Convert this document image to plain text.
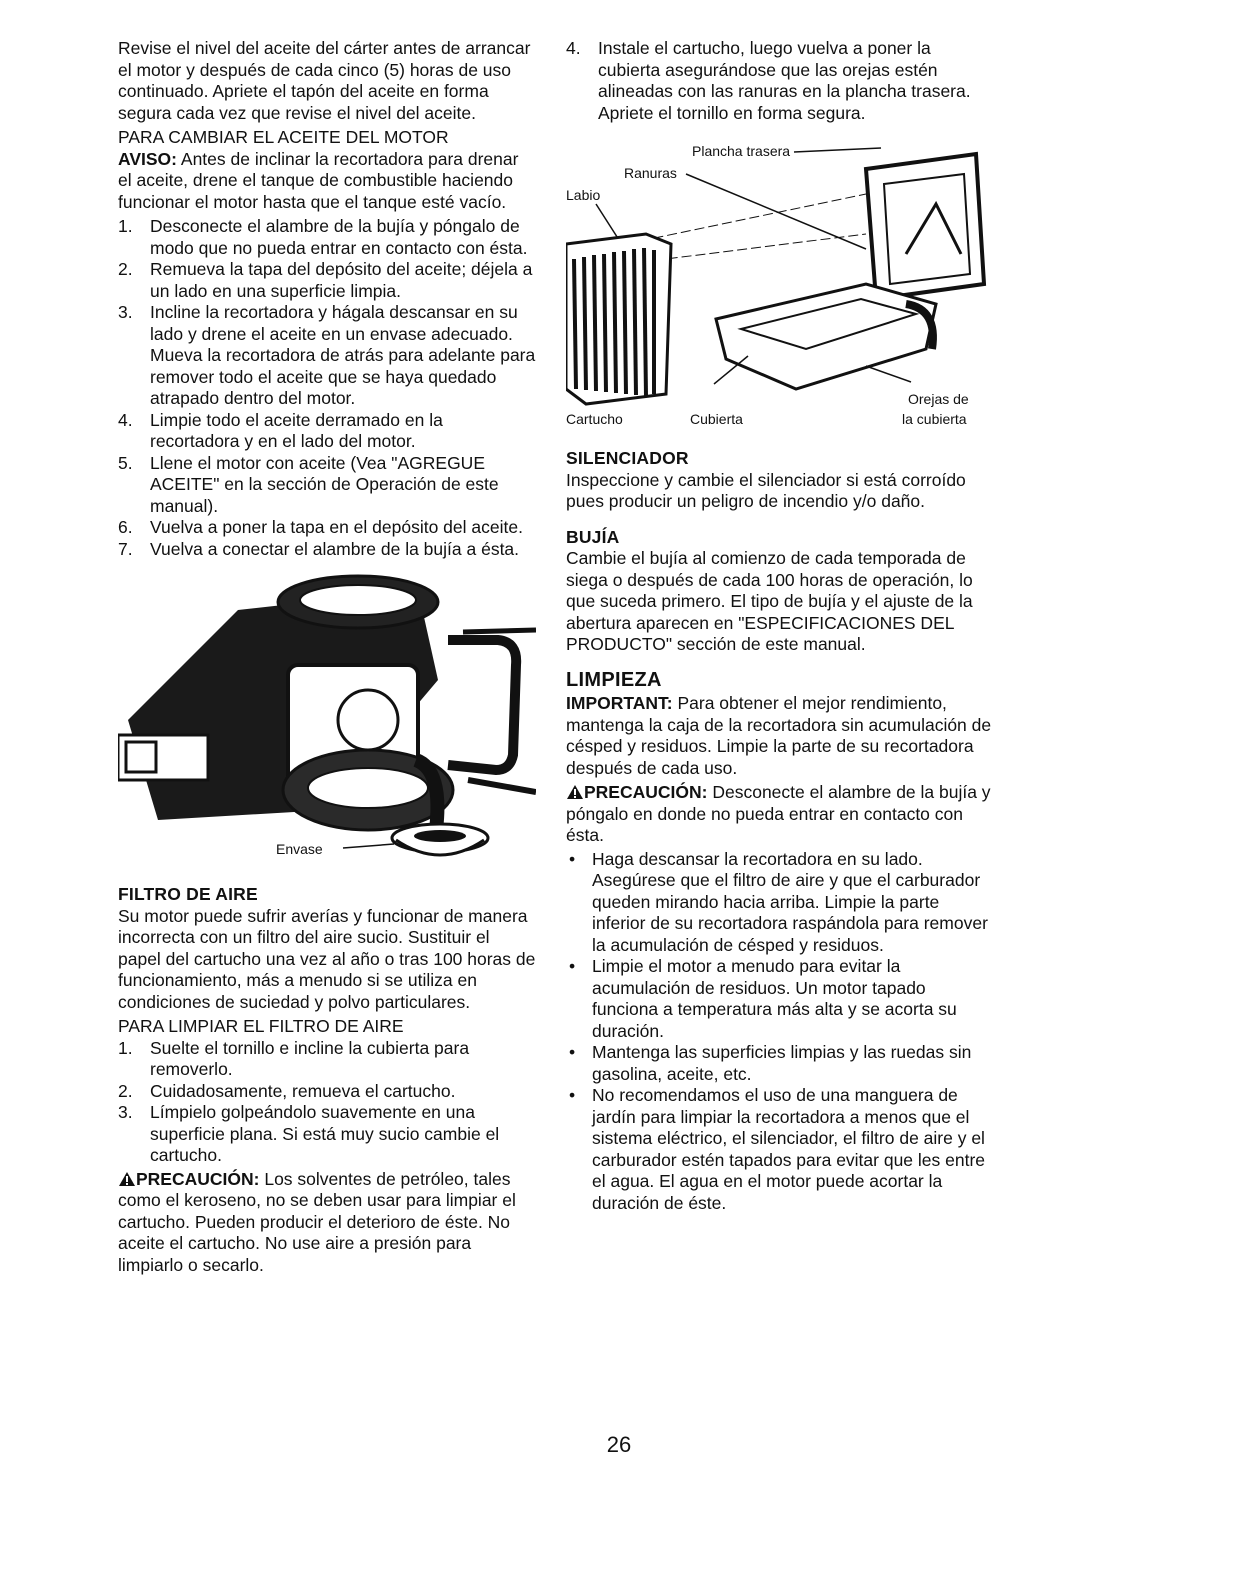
Revise el nivel del aceite del cárter antes de arrancar el motor y después de cada cinco (5) horas de uso continuado. Apriete el tapón del aceite en forma segura cada vez que revise el nivel del aceite.

PARA CAMBIAR EL ACEITE DEL MOTOR

AVISO: Antes de inclinar la recortadora para drenar el aceite, drene el tanque de combustible haciendo funcionar el motor hasta que el tanque esté vacío.

1. Desconecte el alambre de la bujía y póngalo de modo que no pueda entrar en contacto con ésta.
2. Remueva la tapa del depósito del aceite; déjela a un lado en una superficie limpia.
3. Incline la recortadora y hágala descansar en su lado y drene el aceite en un envase adecuado. Mueva la recortadora de atrás para adelante para remover todo el aceite que se haya quedado atrapado dentro del motor.
4. Limpie todo el aceite derramado en la recortadora y en el lado del motor.
5. Llene el motor con aceite (Vea "AGREGUE ACEITE" en la sección de Operación de este manual).
6. Vuelva a poner la tapa en el depósito del aceite.
7. Vuelva a conectar el alambre de la bujía a ésta.
Envase

FILTRO DE AIRE

Su motor puede sufrir averías y funcionar de manera incorrecta con un filtro del aire sucio. Sustituir el papel del cartucho una vez al año o tras 100 horas de funcionamiento, más a menudo si se utiliza en condiciones de suciedad y polvo particulares.

PARA LIMPIAR EL FILTRO DE AIRE

1. Suelte el tornillo e incline la cubierta para removerlo.
2. Cuidadosamente, remueva el cartucho.
3. Límpielo golpeándolo suavemente en una superficie plana. Si está muy sucio cambie el cartucho.

PRECAUCIÓN: Los solventes de petróleo, tales como el keroseno, no se deben usar para limpiar el cartucho. Pueden producir el deterioro de éste. No aceite el cartucho. No use aire a presión para limpiarlo o secarlo.

4. Instale el cartucho, luego vuelva a poner la cubierta asegurándose que las orejas estén alineadas con las ranuras en la plancha trasera. Apriete el tornillo en forma segura.
Plancha trasera
Ranuras
Labio
Cartucho	Cubierta
Orejas de
la cubierta

SILENCIADOR

Inspeccione y cambie el silenciador si está corroído pues producir un peligro de incendio y/o daño.

BUJÍA

Cambie el bujía al comienzo de cada temporada de siega o después de cada 100 horas de operación, lo que suceda primero. El tipo de bujía y el ajuste de la abertura aparecen en "ESPECIFICACIONES DEL PRODUCTO" sección de este manual.

LIMPIEZA

IMPORTANT: Para obtener el mejor rendimiento, mantenga la caja de la recortadora sin acumulación de césped y residuos. Limpie la parte de su recortadora después de cada uso.

PRECAUCIÓN: Desconecte el alambre de la bujía y póngalo en donde no pueda entrar en contacto con ésta.

• Haga descansar la recortadora en su lado. Asegúrese que el filtro de aire y que el carburador queden mirando hacia arriba. Limpie la parte inferior de su recortadora raspándola para remover la acumulación de césped y residuos.
• Limpie el motor a menudo para evitar la acumulación de residuos. Un motor tapado funciona a temperatura más alta y se acorta su duración.
• Mantenga las superficies limpias y las ruedas sin gasolina, aceite, etc.
• No recomendamos el uso de una manguera de jardín para limpiar la recortadora a menos que el sistema eléctrico, el silenciador, el filtro de aire y el carburador estén tapados para evitar que les entre el agua. El agua en el motor puede acortar la duración de éste.
26
